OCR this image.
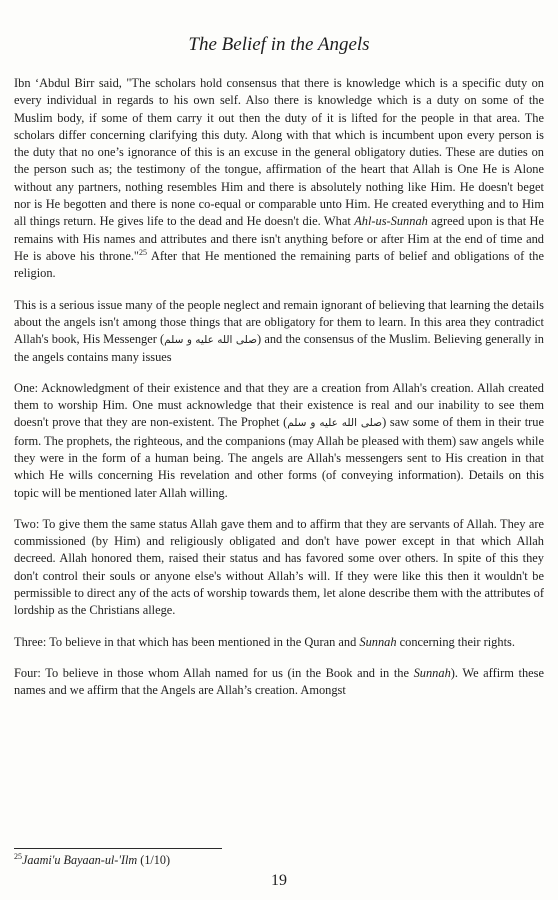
The Belief in the Angels

Ibn ‘Abdul Birr said, "The scholars hold consensus that there is knowledge which is a specific duty on every individual in regards to his own self. Also there is knowledge which is a duty on some of the Muslim body, if some of them carry it out then the duty of it is lifted for the people in that area. The scholars differ concerning clarifying this duty. Along with that which is incumbent upon every person is the duty that no one’s ignorance of this is an excuse in the general obligatory duties. These are duties on the person such as; the testimony of the tongue, affirmation of the heart that Allah is One He is Alone without any partners, nothing resembles Him and there is absolutely nothing like Him. He doesn't beget nor is He begotten and there is none co-equal or comparable unto Him. He created everything and to Him all things return. He gives life to the dead and He doesn't die. What Ahl-us-Sunnah agreed upon is that He remains with His names and attributes and there isn't anything before or after Him at the end of time and He is above his throne."$^{25}$ After that He mentioned the remaining parts of belief and obligations of the religion.

This is a serious issue many of the people neglect and remain ignorant of believing that learning the details about the angels isn't among those things that are obligatory for them to learn. In this area they contradict Allah's book, His Messenger (صلى الله عليه و سلم) and the consensus of the Muslim. Believing generally in the angels contains many issues

One: Acknowledgment of their existence and that they are a creation from Allah's creation. Allah created them to worship Him. One must acknowledge that their existence is real and our inability to see them doesn't prove that they are non-existent. The Prophet (صلى الله عليه و سلم) saw some of them in their true form. The prophets, the righteous, and the companions (may Allah be pleased with them) saw angels while they were in the form of a human being. The angels are Allah's messengers sent to His creation in that which He wills concerning His revelation and other forms (of conveying information). Details on this topic will be mentioned later Allah willing.

Two: To give them the same status Allah gave them and to affirm that they are servants of Allah. They are commissioned (by Him) and religiously obligated and don't have power except in that which Allah decreed. Allah honored them, raised their status and has favored some over others. In spite of this they don't control their souls or anyone else's without Allah’s will. If they were like this then it wouldn't be permissible to direct any of the acts of worship towards them, let alone describe them with the attributes of lordship as the Christians allege.

Three: To believe in that which has been mentioned in the Quran and Sunnah concerning their rights.

Four: To believe in those whom Allah named for us (in the Book and in the Sunnah). We affirm these names and we affirm that the Angels are Allah’s creation. Amongst

$^{25}$Jaami'u Bayaan-ul-'Ilm (1/10)
19
